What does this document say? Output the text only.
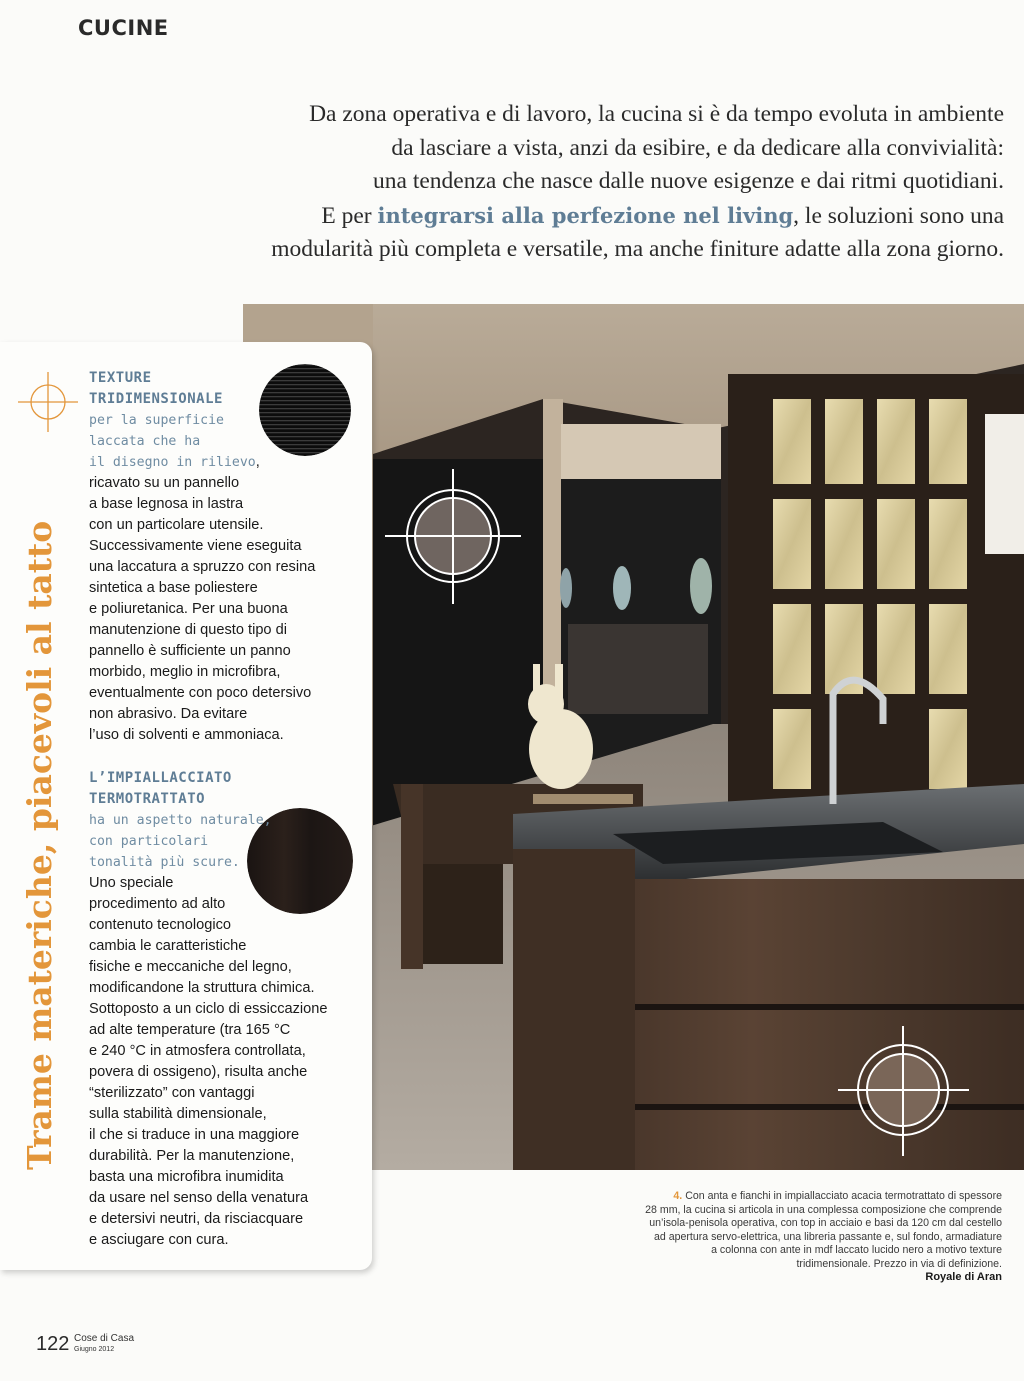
CUCINE
Da zona operativa e di lavoro, la cucina si è da tempo evoluta in ambiente
da lasciare a vista, anzi da esibire, e da dedicare alla convivialità:
una tendenza che nasce dalle nuove esigenze e dai ritmi quotidiani.
E per integrarsi alla perfezione nel living, le soluzioni sono una
modularità più completa e versatile, ma anche finiture adatte alla zona giorno.
Trame materiche, piacevoli al tatto
TEXTURE
TRIDIMENSIONALE
per la superficie
laccata che ha
il disegno in rilievo,
ricavato su un pannello
a base legnosa in lastra
con un particolare utensile.
Successivamente viene eseguita
una laccatura a spruzzo con resina
sintetica a base poliestere
e poliuretanica. Per una buona
manutenzione di questo tipo di
pannello è sufficiente un panno
morbido, meglio in microfibra,
eventualmente con poco detersivo
non abrasivo. Da evitare
l’uso di solventi e ammoniaca.
L’IMPIALLACCIATO
TERMOTRATTATO
ha un aspetto naturale,
con particolari
tonalità più scure.
Uno speciale
procedimento ad alto
contenuto tecnologico
cambia le caratteristiche
fisiche e meccaniche del legno,
modificandone la struttura chimica.
Sottoposto a un ciclo di essiccazione
ad alte temperature (tra 165 °C
e 240 °C in atmosfera controllata,
povera di ossigeno), risulta anche
“sterilizzato” con vantaggi
sulla stabilità dimensionale,
il che si traduce in una maggiore
durabilità. Per la manutenzione,
basta una microfibra inumidita
da usare nel senso della venatura
e detersivi neutri, da risciacquare
e asciugare con cura.
4. Con anta e fianchi in impiallacciato acacia termotrattato di spessore
28 mm, la cucina si articola in una complessa composizione che comprende
un’isola-penisola operativa, con top in acciaio e basi da 120 cm dal cestello
ad apertura servo-elettrica, una libreria passante e, sul fondo, armadiature
a colonna con ante in mdf laccato lucido nero a motivo texture
tridimensionale. Prezzo in via di definizione.
Royale di Aran
122 Cose di Casa
Giugno 2012
